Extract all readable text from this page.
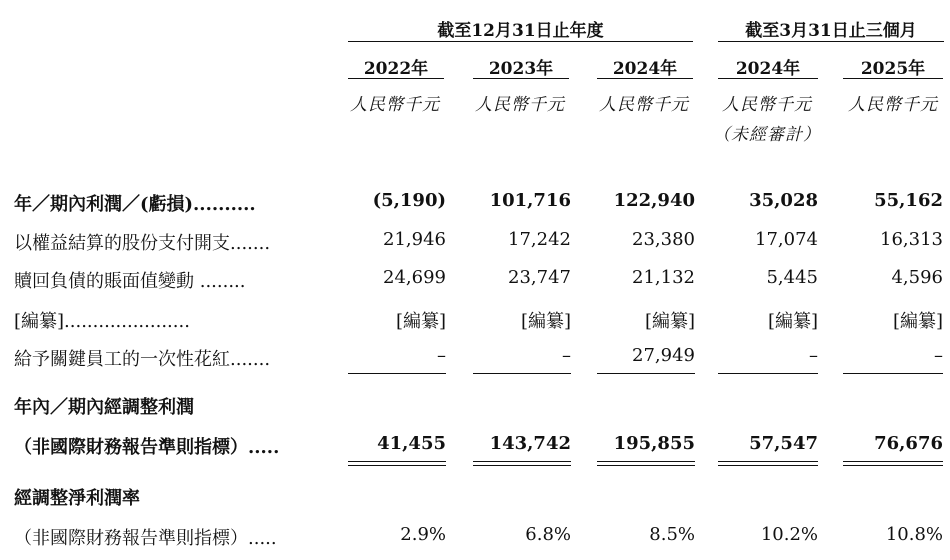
截至12月31日止年度	截至3月31日止三個月
2022年	2023年	2024年	2024年	2025年
人民幣千元	人民幣千元	人民幣千元	人民幣千元	人民幣千元
（未經審計）
年／期內利潤／(虧損)..........	(5,190)	101,716	122,940	35,028	55,162
以權益結算的股份支付開支.......	21,946	17,242	23,380	17,074	16,313
贖回負債的賬面值變動 ........	24,699	23,747	21,132	5,445	4,596
[編纂]......................	[編纂]	[編纂]	[編纂]	[編纂]	[編纂]
給予關鍵員工的一次性花紅.......	–	–	27,949	–	–
年內／期內經調整利潤
（非國際財務報告準則指標）.....	41,455	143,742	195,855	57,547	76,676
經調整淨利潤率
（非國際財務報告準則指標）.....	2.9%	6.8%	8.5%	10.2%	10.8%
